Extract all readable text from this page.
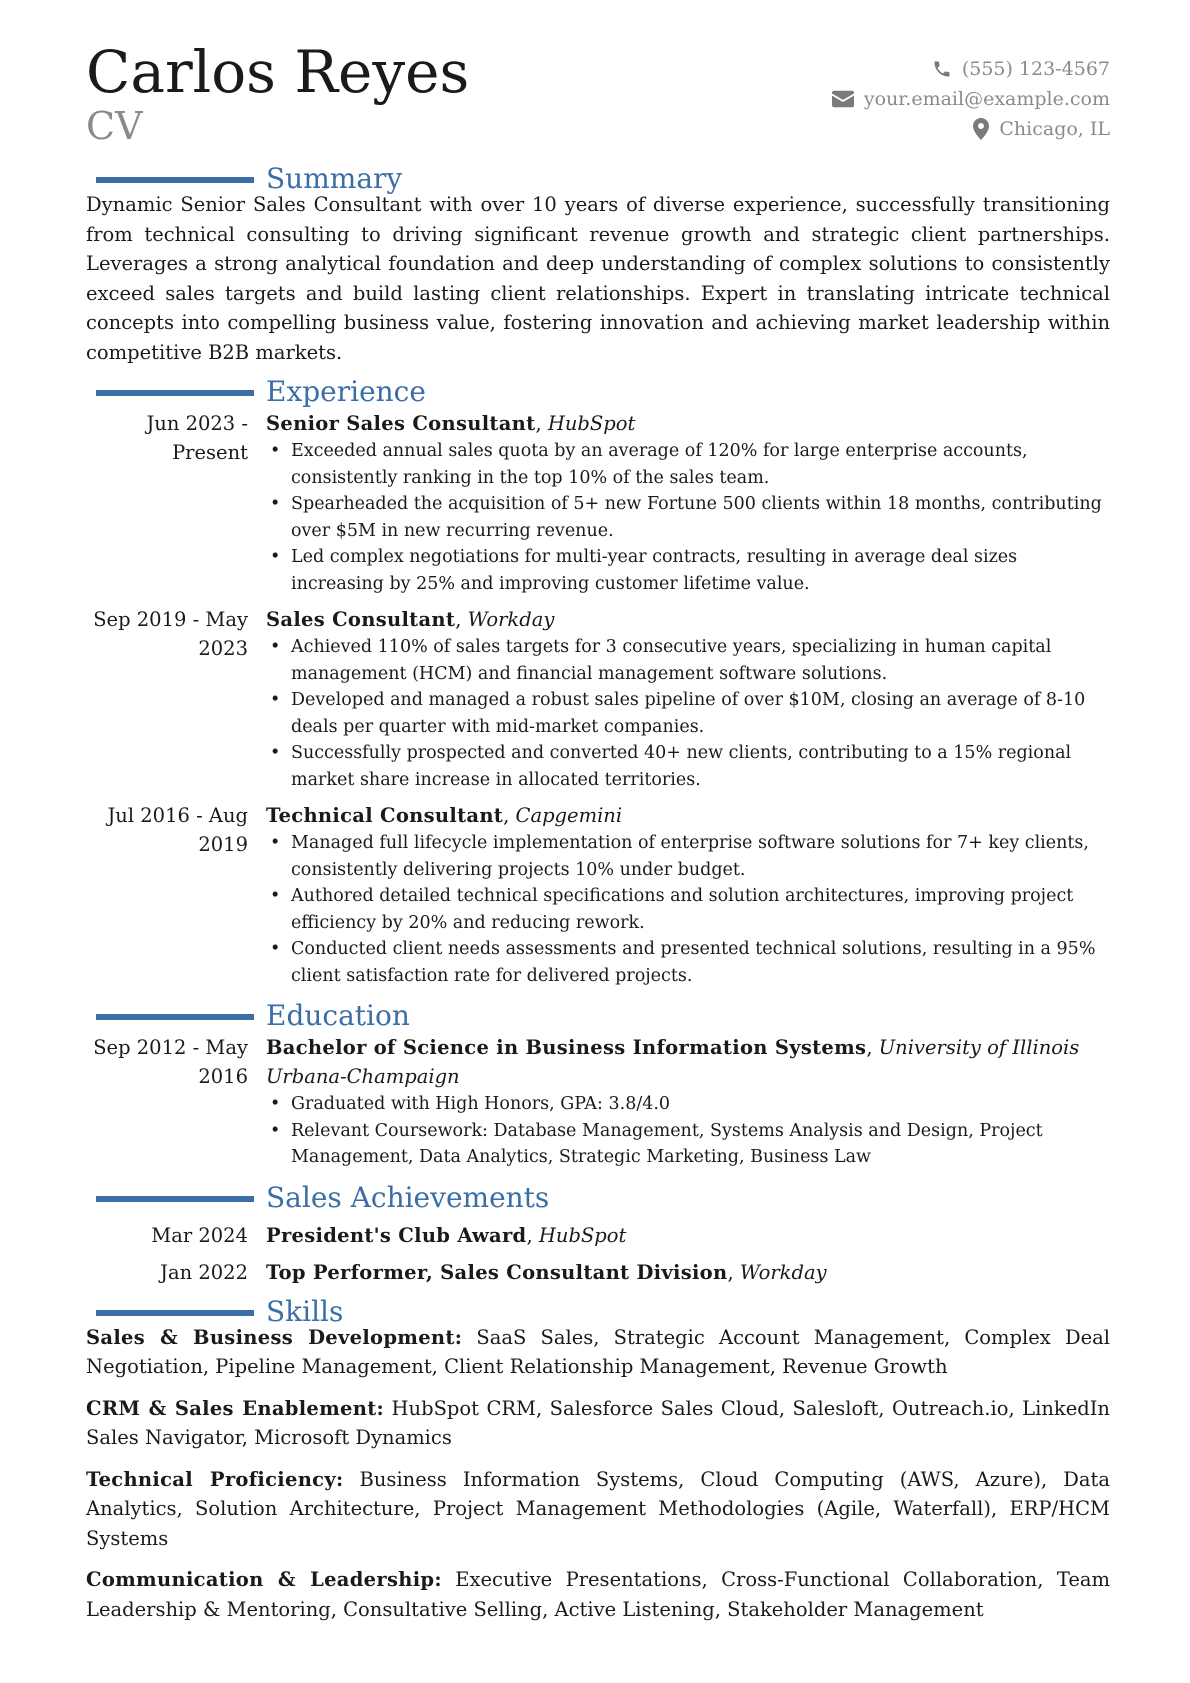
Carlos Reyes

CV

(555) 123-4567
your.email@example.com
Chicago, IL
Summary

Dynamic Senior Sales Consultant with over 10 years of diverse experience, successfully transitioning from technical consulting to driving significant revenue growth and strategic client partnerships. Leverages a strong analytical foundation and deep understanding of complex solutions to consistently exceed sales targets and build lasting client relationships. Expert in translating intricate technical concepts into compelling business value, fostering innovation and achieving market leadership within competitive B2B markets.

Experience
Jun 2023 - Present
Senior Sales Consultant, HubSpot
• Exceeded annual sales quota by an average of 120% for large enterprise accounts, consistently ranking in the top 10% of the sales team.
• Spearheaded the acquisition of 5+ new Fortune 500 clients within 18 months, contributing over $5M in new recurring revenue.
• Led complex negotiations for multi-year contracts, resulting in average deal sizes increasing by 25% and improving customer lifetime value.
Sep 2019 - May 2023
Sales Consultant, Workday
• Achieved 110% of sales targets for 3 consecutive years, specializing in human capital management (HCM) and financial management software solutions.
• Developed and managed a robust sales pipeline of over $10M, closing an average of 8-10 deals per quarter with mid-market companies.
• Successfully prospected and converted 40+ new clients, contributing to a 15% regional market share increase in allocated territories.
Jul 2016 - Aug 2019
Technical Consultant, Capgemini
• Managed full lifecycle implementation of enterprise software solutions for 7+ key clients, consistently delivering projects 10% under budget.
• Authored detailed technical specifications and solution architectures, improving project efficiency by 20% and reducing rework.
• Conducted client needs assessments and presented technical solutions, resulting in a 95% client satisfaction rate for delivered projects.
Education
Sep 2012 - May 2016
Bachelor of Science in Business Information Systems, University of Illinois Urbana-Champaign
• Graduated with High Honors, GPA: 3.8/4.0
• Relevant Coursework: Database Management, Systems Analysis and Design, Project Management, Data Analytics, Strategic Marketing, Business Law
Sales Achievements
Mar 2024 President's Club Award, HubSpot
Jan 2022 Top Performer, Sales Consultant Division, Workday
Skills

Sales & Business Development: SaaS Sales, Strategic Account Management, Complex Deal Negotiation, Pipeline Management, Client Relationship Management, Revenue Growth

CRM & Sales Enablement: HubSpot CRM, Salesforce Sales Cloud, Salesloft, Outreach.io, LinkedIn Sales Navigator, Microsoft Dynamics

Technical Proficiency: Business Information Systems, Cloud Computing (AWS, Azure), Data Analytics, Solution Architecture, Project Management Methodologies (Agile, Waterfall), ERP/HCM Systems

Communication & Leadership: Executive Presentations, Cross-Functional Collaboration, Team Leadership & Mentoring, Consultative Selling, Active Listening, Stakeholder Management
